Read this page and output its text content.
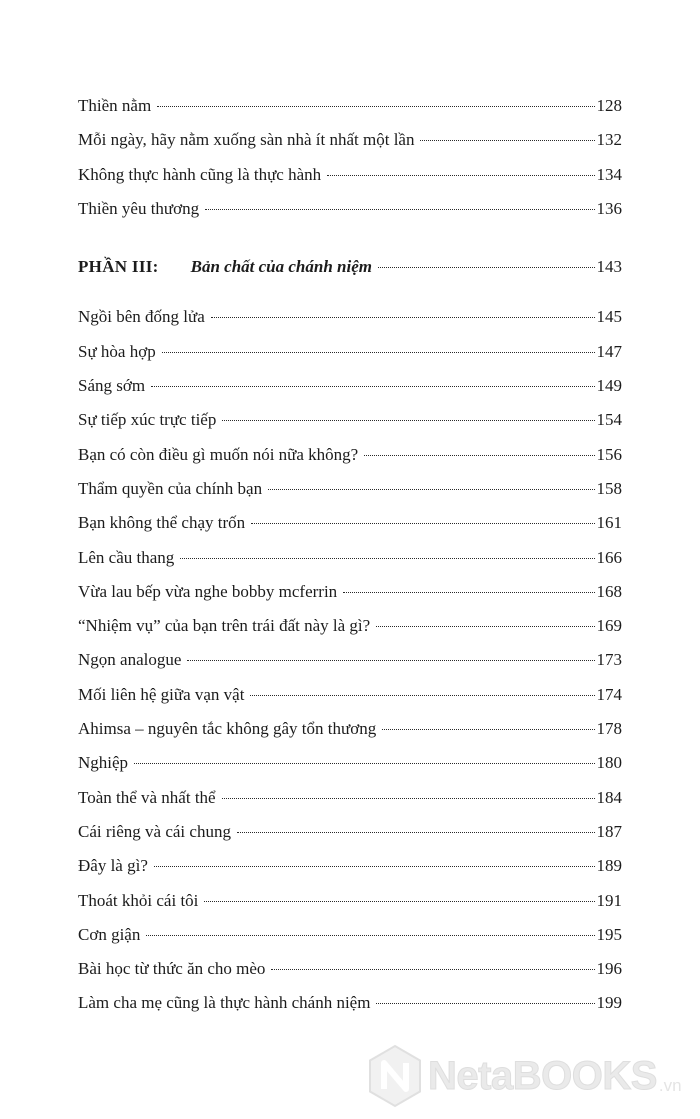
Thiền nằm	128
Mỗi ngày, hãy nằm xuống sàn nhà ít nhất một lần	132
Không thực hành cũng là thực hành	134
Thiền yêu thương	136
PHẦN III: Bản chất của chánh niệm	143
Ngồi bên đống lửa	145
Sự hòa hợp	147
Sáng sớm	149
Sự tiếp xúc trực tiếp	154
Bạn có còn điều gì muốn nói nữa không?	156
Thẩm quyền của chính bạn	158
Bạn không thể chạy trốn	161
Lên cầu thang	166
Vừa lau bếp vừa nghe bobby mcferrin	168
“Nhiệm vụ” của bạn trên trái đất này là gì?	169
Ngọn analogue	173
Mối liên hệ giữa vạn vật	174
Ahimsa – nguyên tắc không gây tổn thương	178
Nghiệp	180
Toàn thể và nhất thể	184
Cái riêng và cái chung	187
Đây là gì?	189
Thoát khỏi cái tôi	191
Cơn giận	195
Bài học từ thức ăn cho mèo	196
Làm cha mẹ cũng là thực hành chánh niệm	199
NetaBOOKS .vn
